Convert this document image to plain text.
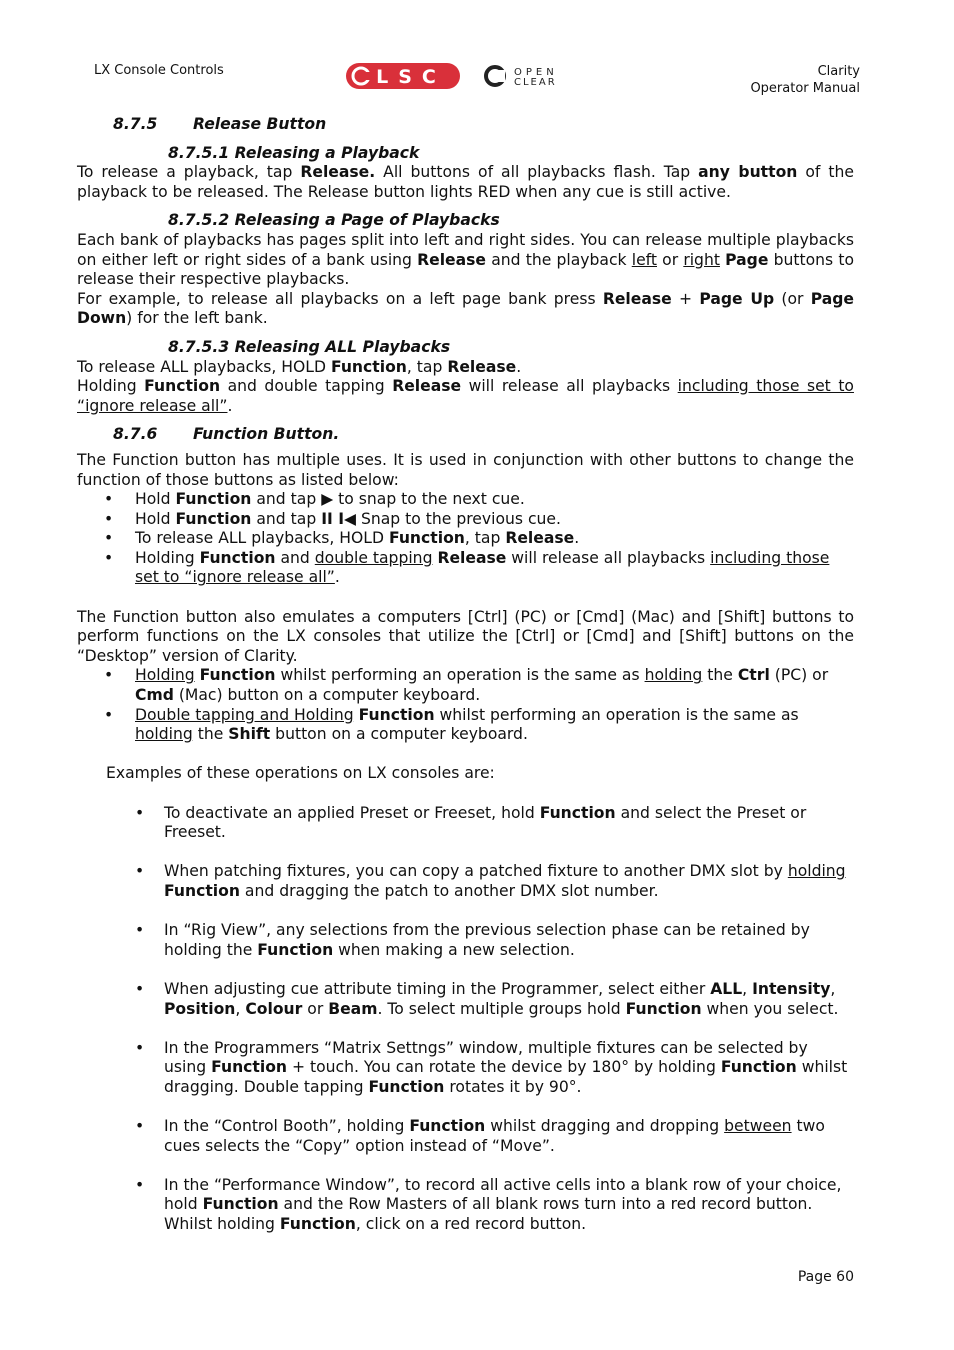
LX Console Controls	LSC	OPEN
CLEAR
Clarity
Operator Manual
8.7.5 Release Button
8.7.5.1 Releasing a Playback
To release a playback, tap Release. All buttons of all playbacks flash. Tap any button of the playback to be released. The Release button lights RED when any cue is still active.
8.7.5.2 Releasing a Page of Playbacks
Each bank of playbacks has pages split into left and right sides. You can release multiple playbacks on either left or right sides of a bank using Release and the playback left or right Page buttons to release their respective playbacks.
For example, to release all playbacks on a left page bank press Release + Page Up (or Page Down) for the left bank.
8.7.5.3 Releasing ALL Playbacks
To release ALL playbacks, HOLD Function, tap Release.
Holding Function and double tapping Release will release all playbacks including those set to “ignore release all”.
8.7.6 Function Button.
The Function button has multiple uses. It is used in conjunction with other buttons to change the function of those buttons as listed below:
• Hold Function and tap ▶ to snap to the next cue.
• Hold Function and tap II I◀ Snap to the previous cue.
• To release ALL playbacks, HOLD Function, tap Release.
• Holding Function and double tapping Release will release all playbacks including those set to “ignore release all”.
The Function button also emulates a computers [Ctrl] (PC) or [Cmd] (Mac) and [Shift] buttons to perform functions on the LX consoles that utilize the [Ctrl] or [Cmd] and [Shift] buttons on the “Desktop” version of Clarity.
• Holding Function whilst performing an operation is the same as holding the Ctrl (PC) or Cmd (Mac) button on a computer keyboard.
• Double tapping and Holding Function whilst performing an operation is the same as holding the Shift button on a computer keyboard.
Examples of these operations on LX consoles are:
• To deactivate an applied Preset or Freeset, hold Function and select the Preset or Freeset.
• When patching fixtures, you can copy a patched fixture to another DMX slot by holding Function and dragging the patch to another DMX slot number.
• In “Rig View”, any selections from the previous selection phase can be retained by holding the Function when making a new selection.
• When adjusting cue attribute timing in the Programmer, select either ALL, Intensity, Position, Colour or Beam. To select multiple groups hold Function when you select.
• In the Programmers “Matrix Settngs” window, multiple fixtures can be selected by using Function + touch. You can rotate the device by 180° by holding Function whilst dragging. Double tapping Function rotates it by 90°.
• In the “Control Booth”, holding Function whilst dragging and dropping between two cues selects the “Copy” option instead of “Move”.
• In the “Performance Window”, to record all active cells into a blank row of your choice, hold Function and the Row Masters of all blank rows turn into a red record button. Whilst holding Function, click on a red record button.
Page 60
